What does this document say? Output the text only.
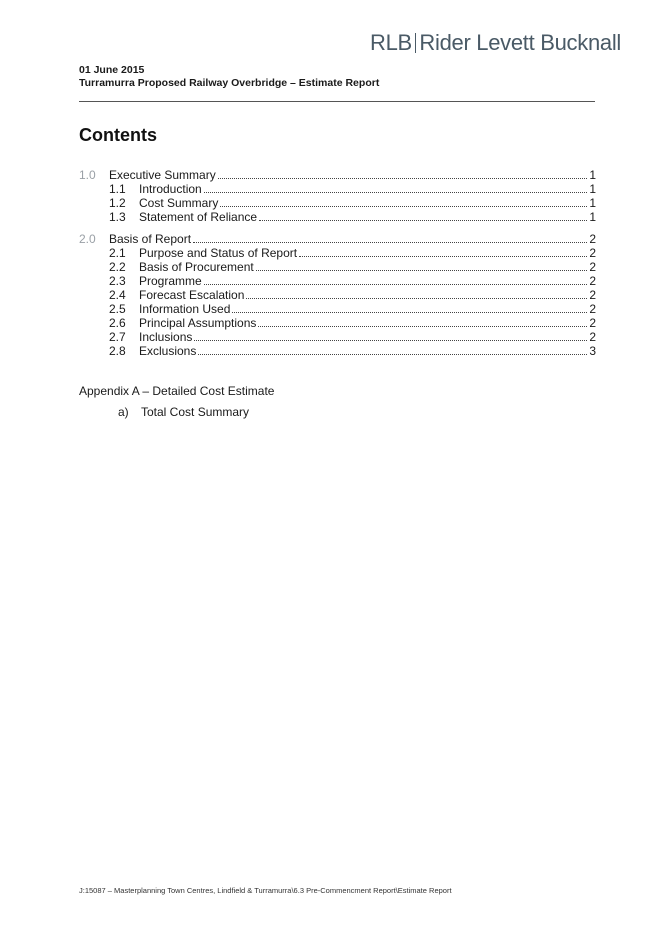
RLB Rider Levett Bucknall
01 June 2015
Turramurra Proposed Railway Overbridge – Estimate Report
Contents
1.0	Executive Summary	1
1.1	Introduction	1
1.2	Cost Summary	1
1.3	Statement of Reliance	1
2.0	Basis of Report	2
2.1	Purpose and Status of Report	2
2.2	Basis of Procurement	2
2.3	Programme	2
2.4	Forecast Escalation	2
2.5	Information Used	2
2.6	Principal Assumptions	2
2.7	Inclusions	2
2.8	Exclusions	3
Appendix A – Detailed Cost Estimate
a) Total Cost Summary
J:15087 – Masterplanning Town Centres, Lindfield & Turramurra\6.3 Pre-Commencment Report\Estimate Report
